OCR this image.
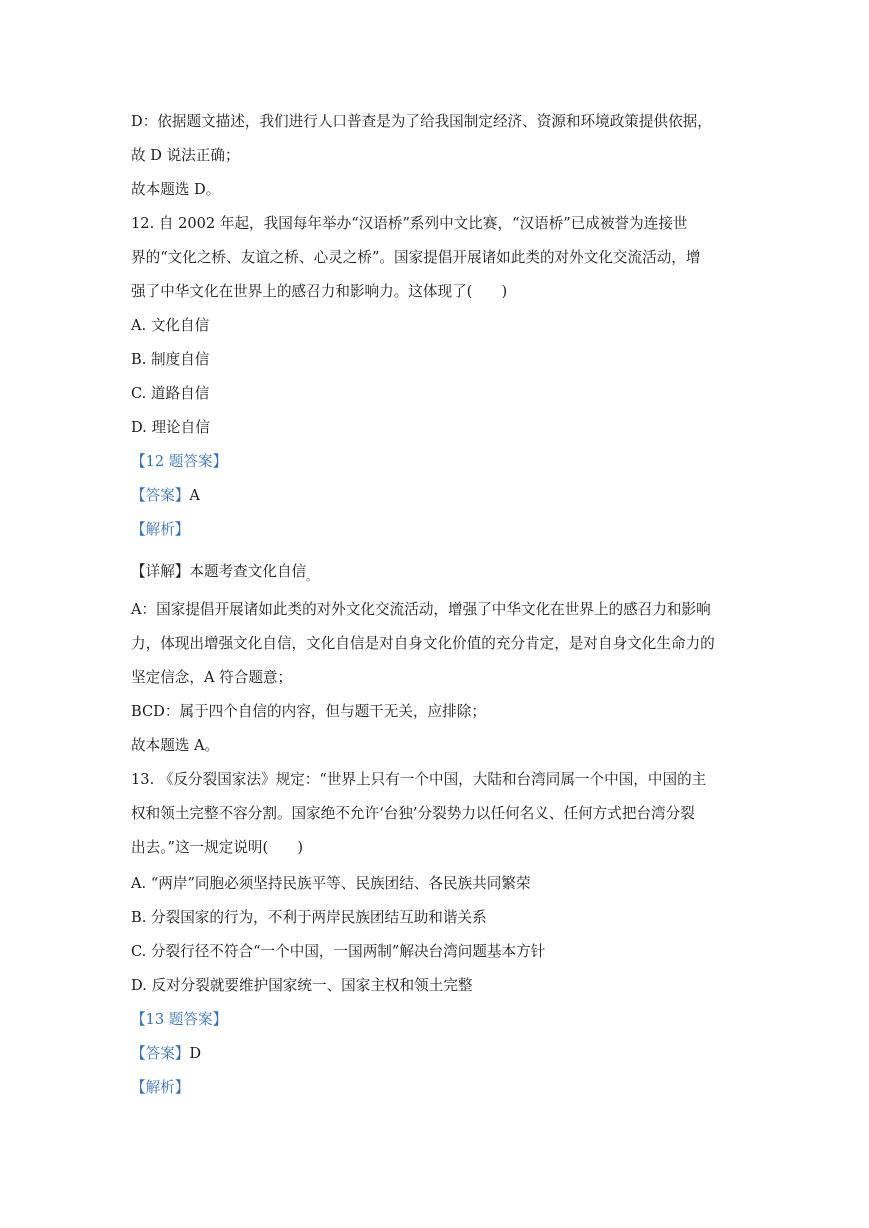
D：依据题文描述，我们进行人口普查是为了给我国制定经济、资源和环境政策提供依据，
故 D 说法正确；
故本题选 D。
12. 自 2002 年起，我国每年举办“汉语桥”系列中文比赛，“汉语桥”已成被誉为连接世
界的“文化之桥、友谊之桥、心灵之桥”。国家提倡开展诸如此类的对外文化交流活动，增
强了中华文化在世界上的感召力和影响力。这体现了(　　)
A. 文化自信
B. 制度自信
C. 道路自信
D. 理论自信
【12 题答案】
【答案】A
【解析】
【详解】本题考查文化自信$_。$
A：国家提倡开展诸如此类的对外文化交流活动，增强了中华文化在世界上的感召力和影响
力，体现出增强文化自信，文化自信是对自身文化价值的充分肯定，是对自身文化生命力的
坚定信念，A 符合题意；
BCD：属于四个自信的内容，但与题干无关，应排除；
故本题选 A。
13. 《反分裂国家法》规定：“世界上只有一个中国，大陆和台湾同属一个中国，中国的主
权和领土完整不容分割。国家绝不允许‘台独’分裂势力以任何名义、任何方式把台湾分裂
出去。”这一规定说明(　　)
A. “两岸”同胞必须坚持民族平等、民族团结、各民族共同繁荣
B. 分裂国家的行为，不利于两岸民族团结互助和谐关系
C. 分裂行径不符合“一个中国，一国两制”解决台湾问题基本方针
D. 反对分裂就要维护国家统一、国家主权和领土完整
【13 题答案】
【答案】D
【解析】
